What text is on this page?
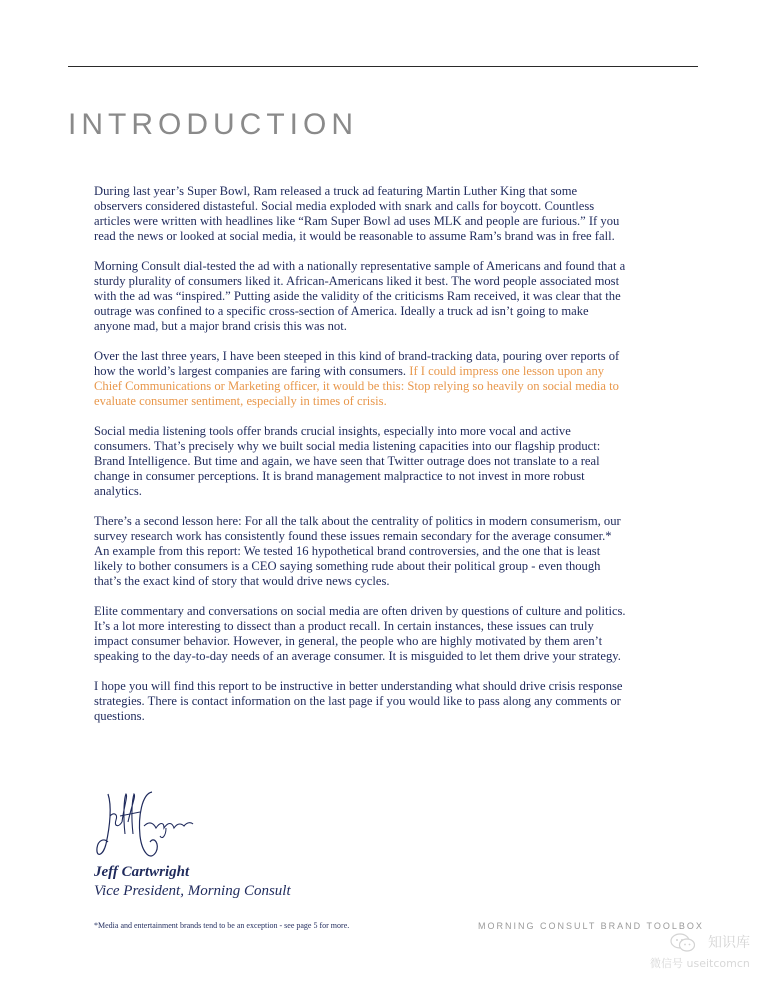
INTRODUCTION

During last year’s Super Bowl, Ram released a truck ad featuring Martin Luther King that some observers considered distasteful. Social media exploded with snark and calls for boycott. Countless articles were written with headlines like “Ram Super Bowl ad uses MLK and people are furious.” If you read the news or looked at social media, it would be reasonable to assume Ram’s brand was in free fall.

Morning Consult dial-tested the ad with a nationally representative sample of Americans and found that a sturdy plurality of consumers liked it. African-Americans liked it best. The word people associated most with the ad was “inspired.” Putting aside the validity of the criticisms Ram received, it was clear that the outrage was confined to a specific cross-section of America. Ideally a truck ad isn’t going to make anyone mad, but a major brand crisis this was not.

Over the last three years, I have been steeped in this kind of brand-tracking data, pouring over reports of how the world’s largest companies are faring with consumers. If I could impress one lesson upon any Chief Communications or Marketing officer, it would be this: Stop relying so heavily on social media to evaluate consumer sentiment, especially in times of crisis.

Social media listening tools offer brands crucial insights, especially into more vocal and active consumers. That’s precisely why we built social media listening capacities into our flagship product: Brand Intelligence. But time and again, we have seen that Twitter outrage does not translate to a real change in consumer perceptions. It is brand management malpractice to not invest in more robust analytics.

There’s a second lesson here: For all the talk about the centrality of politics in modern consumerism, our survey research work has consistently found these issues remain secondary for the average consumer.* An example from this report: We tested 16 hypothetical brand controversies, and the one that is least likely to bother consumers is a CEO saying something rude about their political group - even though that’s the exact kind of story that would drive news cycles.

Elite commentary and conversations on social media are often driven by questions of culture and politics. It’s a lot more interesting to dissect than a product recall. In certain instances, these issues can truly impact consumer behavior. However, in general, the people who are highly motivated by them aren’t speaking to the day-to-day needs of an average consumer. It is misguided to let them drive your strategy.

I hope you will find this report to be instructive in better understanding what should drive crisis response strategies. There is contact information on the last page if you would like to pass along any comments or questions.

Jeff Cartwright

Vice President, Morning Consult

*Media and entertainment brands tend to be an exception - see page 5 for more.	MORNING CONSULT BRAND TOOLBOX

知识库

微信号 useitcomcn
